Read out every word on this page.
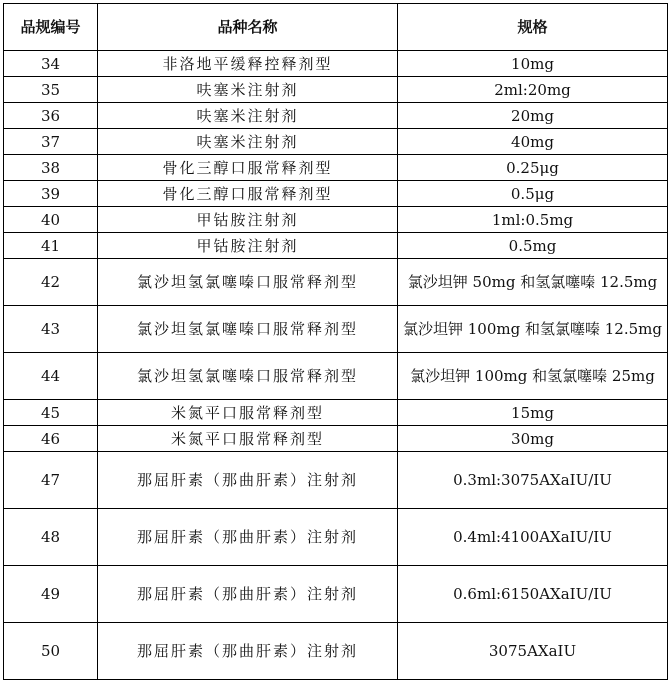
品规编号	品种名称	规格
34	非洛地平缓释控释剂型	10mg
35	呋塞米注射剂	2ml:20mg
36	呋塞米注射剂	20mg
37	呋塞米注射剂	40mg
38	骨化三醇口服常释剂型	0.25μg
39	骨化三醇口服常释剂型	0.5μg
40	甲钴胺注射剂	1ml:0.5mg
41	甲钴胺注射剂	0.5mg
42	氯沙坦氢氯噻嗪口服常释剂型	氯沙坦钾 50mg 和氢氯噻嗪 12.5mg
43	氯沙坦氢氯噻嗪口服常释剂型	氯沙坦钾 100mg 和氢氯噻嗪 12.5mg
44	氯沙坦氢氯噻嗪口服常释剂型	氯沙坦钾 100mg 和氢氯噻嗪 25mg
45	米氮平口服常释剂型	15mg
46	米氮平口服常释剂型	30mg
47	那屈肝素（那曲肝素）注射剂	0.3ml:3075AXaIU/IU
48	那屈肝素（那曲肝素）注射剂	0.4ml:4100AXaIU/IU
49	那屈肝素（那曲肝素）注射剂	0.6ml:6150AXaIU/IU
50	那屈肝素（那曲肝素）注射剂	3075AXaIU
